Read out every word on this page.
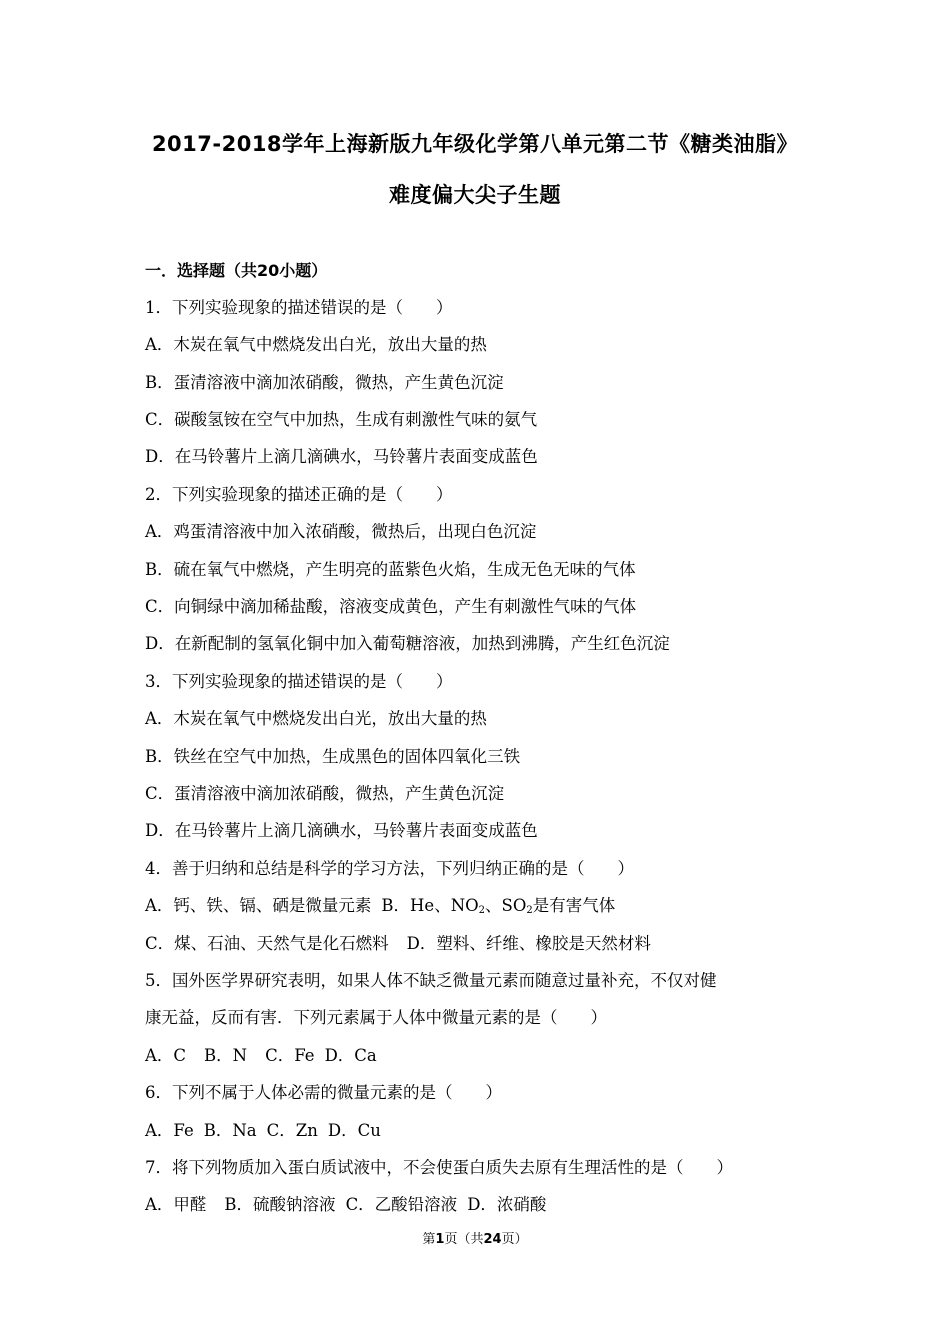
2017-2018学年上海新版九年级化学第八单元第二节《糖类油脂》
难度偏大尖子生题
一．选择题（共20小题）
1．下列实验现象的描述错误的是（　　）
A．木炭在氧气中燃烧发出白光，放出大量的热
B．蛋清溶液中滴加浓硝酸，微热，产生黄色沉淀
C．碳酸氢铵在空气中加热，生成有刺激性气味的氨气
D．在马铃薯片上滴几滴碘水，马铃薯片表面变成蓝色
2．下列实验现象的描述正确的是（　　）
A．鸡蛋清溶液中加入浓硝酸，微热后，出现白色沉淀
B．硫在氧气中燃烧，产生明亮的蓝紫色火焰，生成无色无味的气体
C．向铜绿中滴加稀盐酸，溶液变成黄色，产生有刺激性气味的气体
D．在新配制的氢氧化铜中加入葡萄糖溶液，加热到沸腾，产生红色沉淀
3．下列实验现象的描述错误的是（　　）
A．木炭在氧气中燃烧发出白光，放出大量的热
B．铁丝在空气中加热，生成黑色的固体四氧化三铁
C．蛋清溶液中滴加浓硝酸，微热，产生黄色沉淀
D．在马铃薯片上滴几滴碘水，马铃薯片表面变成蓝色
4．善于归纳和总结是科学的学习方法，下列归纳正确的是（　　）
A．钙、铁、镉、硒是微量元素 B．He、$NO_2$、$SO_2$是有害气体
C．煤、石油、天然气是化石燃料 D．塑料、纤维、橡胶是天然材料
5．国外医学界研究表明，如果人体不缺乏微量元素而随意过量补充，不仅对健
康无益，反而有害．下列元素属于人体中微量元素的是（　　）
A．C B．N C．Fe D．Ca
6．下列不属于人体必需的微量元素的是（　　）
A．Fe B．Na C．Zn D．Cu
7．将下列物质加入蛋白质试液中，不会使蛋白质失去原有生理活性的是（　　）
A．甲醛 B．硫酸钠溶液 C．乙酸铅溶液 D．浓硝酸
第1页（共24页）
